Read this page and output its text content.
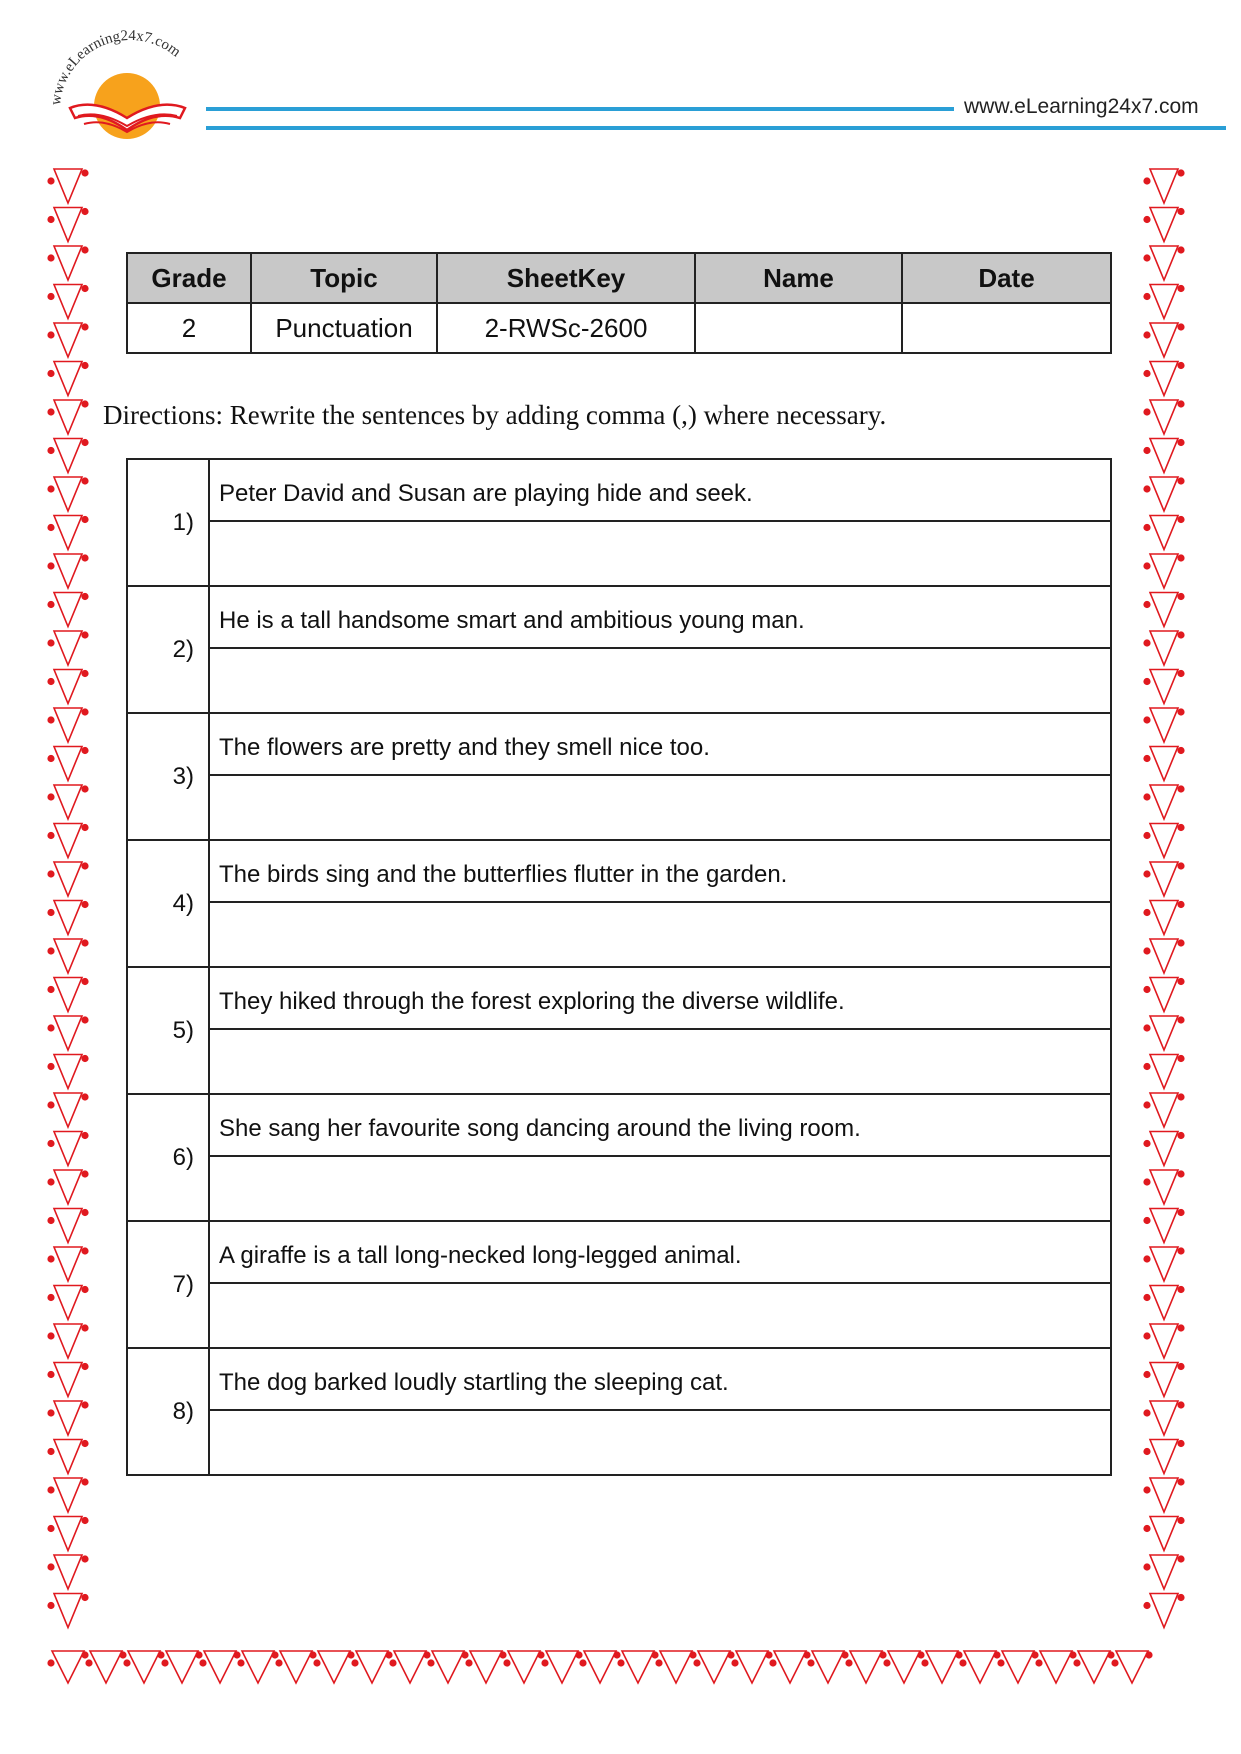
www.eLearning24x7.com
www.eLearning24x7.com
Grade	Topic	SheetKey	Name	Date
2	Punctuation	2-RWSc-2600		
Directions: Rewrite the sentences by adding comma (,) where necessary.
1)	Peter David and Susan are playing hide and seek.

2)	He is a tall handsome smart and ambitious young man.

3)	The flowers are pretty and they smell nice too.

4)	The birds sing and the butterflies flutter in the garden.

5)	They hiked through the forest exploring the diverse wildlife.

6)	She sang her favourite song dancing around the living room.

7)	A giraffe is a tall long-necked long-legged animal.

8)	The dog barked loudly startling the sleeping cat.
